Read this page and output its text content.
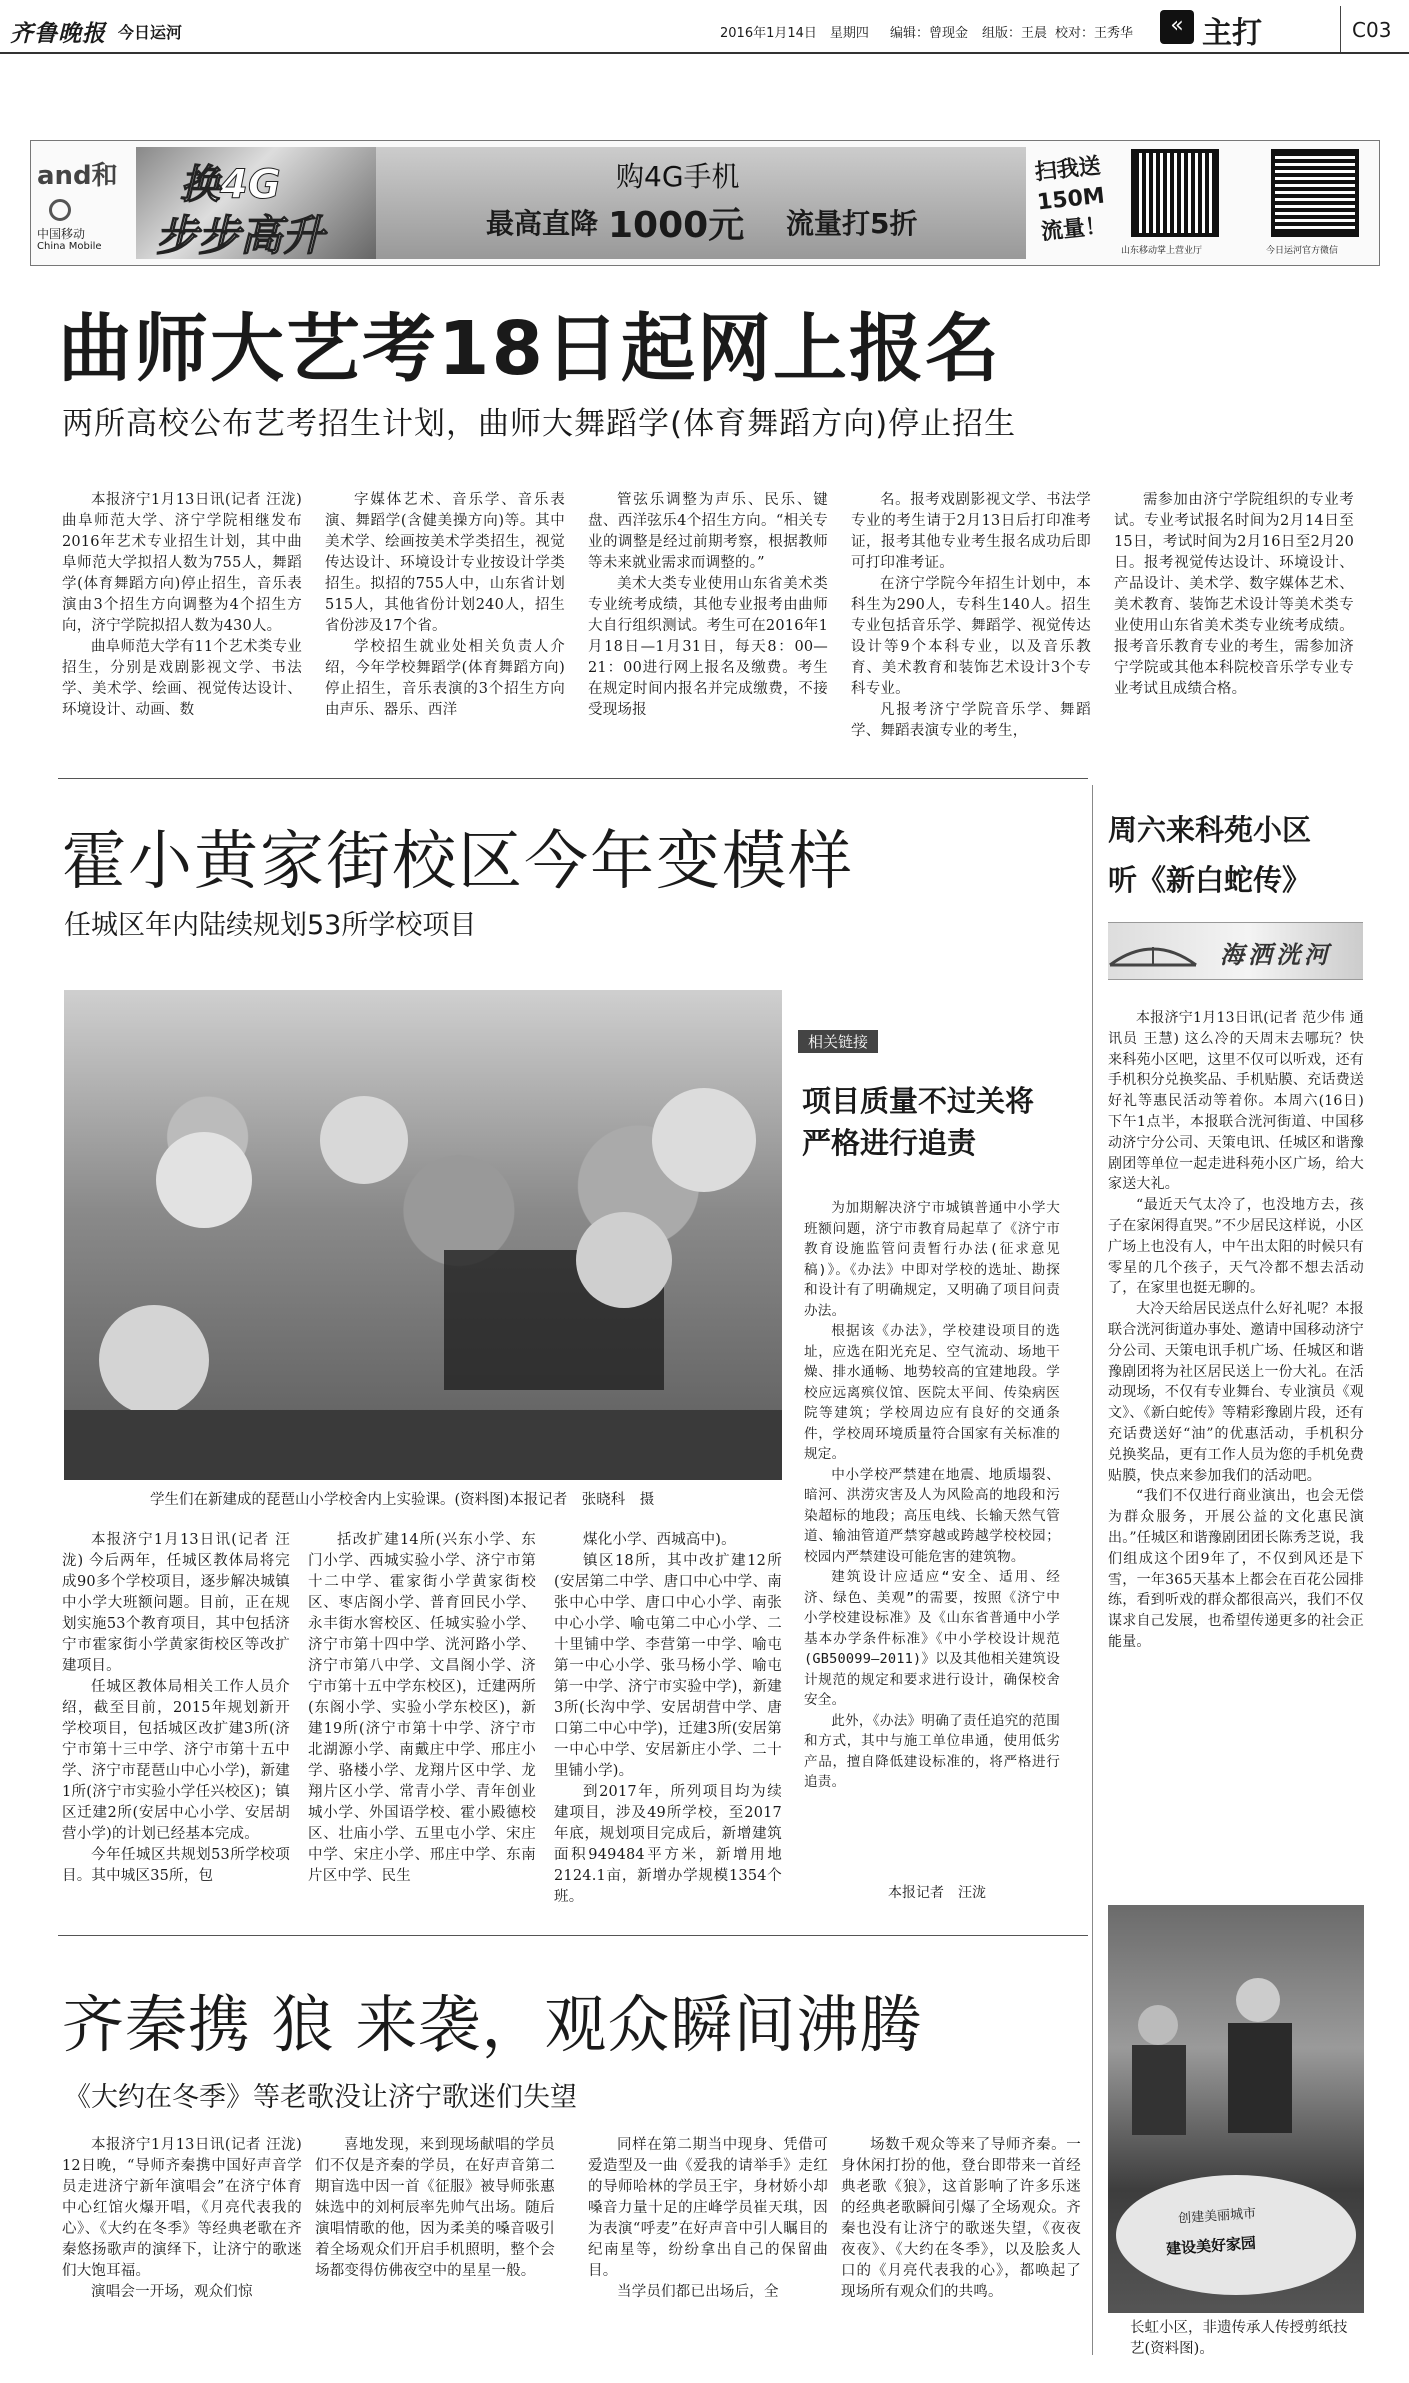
齐鲁晚报 今日运河	2016年1月14日　星期四 编辑：曾现金 组版：王晨 校对：王秀华	« 主打	C03
and和
中国移动
China Mobile
换4G
步步高升
购4G手机
最高直降 1000元 流量打5折
扫我送150M流量！
山东移动掌上营业厅	今日运河官方微信
曲师大艺考18日起网上报名
两所高校公布艺考招生计划，曲师大舞蹈学(体育舞蹈方向)停止招生

本报济宁1月13日讯(记者 汪泷) 曲阜师范大学、济宁学院相继发布2016年艺术专业招生计划，其中曲阜师范大学拟招人数为755人，舞蹈学(体育舞蹈方向)停止招生，音乐表演由3个招生方向调整为4个招生方向，济宁学院拟招人数为430人。

曲阜师范大学有11个艺术类专业招生，分别是戏剧影视文学、书法学、美术学、绘画、视觉传达设计、环境设计、动画、数

字媒体艺术、音乐学、音乐表演、舞蹈学(含健美操方向)等。其中美术学、绘画按美术学类招生，视觉传达设计、环境设计专业按设计学类招生。拟招的755人中，山东省计划515人，其他省份计划240人，招生省份涉及17个省。

学校招生就业处相关负责人介绍，今年学校舞蹈学(体育舞蹈方向)停止招生，音乐表演的3个招生方向由声乐、器乐、西洋

管弦乐调整为声乐、民乐、键盘、西洋弦乐4个招生方向。“相关专业的调整是经过前期考察，根据教师等未来就业需求而调整的。”

美术大类专业使用山东省美术类专业统考成绩，其他专业报考由曲师大自行组织测试。考生可在2016年1月18日—1月31日，每天8：00—21：00进行网上报名及缴费。考生在规定时间内报名并完成缴费，不接受现场报

名。报考戏剧影视文学、书法学专业的考生请于2月13日后打印准考证，报考其他专业考生报名成功后即可打印准考证。

在济宁学院今年招生计划中，本科生为290人，专科生140人。招生专业包括音乐学、舞蹈学、视觉传达设计等9个本科专业，以及音乐教育、美术教育和装饰艺术设计3个专科专业。

凡报考济宁学院音乐学、舞蹈学、舞蹈表演专业的考生，

需参加由济宁学院组织的专业考试。专业考试报名时间为2月14日至15日，考试时间为2月16日至2月20日。报考视觉传达设计、环境设计、产品设计、美术学、数字媒体艺术、美术教育、装饰艺术设计等美术类专业使用山东省美术类专业统考成绩。报考音乐教育专业的考生，需参加济宁学院或其他本科院校音乐学专业专业考试且成绩合格。

霍小黄家街校区今年变模样
任城区年内陆续规划53所学校项目
学生们在新建成的琵琶山小学校舍内上实验课。(资料图)本报记者　张晓科　摄

本报济宁1月13日讯(记者 汪泷) 今后两年，任城区教体局将完成90多个学校项目，逐步解决城镇中小学大班额问题。目前，正在规划实施53个教育项目，其中包括济宁市霍家街小学黄家街校区等改扩建项目。

任城区教体局相关工作人员介绍，截至目前，2015年规划新开学校项目，包括城区改扩建3所(济宁市第十三中学、济宁市第十五中学、济宁市琵琶山中心小学)，新建1所(济宁市实验小学任兴校区)；镇区迁建2所(安居中心小学、安居胡营小学)的计划已经基本完成。

今年任城区共规划53所学校项目。其中城区35所，包

括改扩建14所(兴东小学、东门小学、西城实验小学、济宁市第十二中学、霍家街小学黄家街校区、枣店阁小学、普育回民小学、永丰街水窖校区、任城实验小学、济宁市第十四中学、洸河路小学、济宁市第八中学、文昌阁小学、济宁市第十五中学东校区)，迁建两所(东阁小学、实验小学东校区)，新建19所(济宁市第十中学、济宁市北湖源小学、南戴庄中学、邢庄小学、骆楼小学、龙翔片区中学、龙翔片区小学、常青小学、青年创业城小学、外国语学校、霍小殿德校区、壮庙小学、五里屯小学、宋庄中学、宋庄小学、邢庄中学、东南片区中学、民生

煤化小学、西城高中)。

镇区18所，其中改扩建12所(安居第二中学、唐口中心中学、南张中心中学、唐口中心小学、南张中心小学、喻屯第二中心小学、二十里铺中学、李营第一中学、喻屯第一中心小学、张马杨小学、喻屯第一中学、济宁市实验中学)，新建3所(长沟中学、安居胡营中学、唐口第二中心中学)，迁建3所(安居第一中心中学、安居新庄小学、二十里铺小学)。

到2017年，所列项目均为续建项目，涉及49所学校，至2017年底，规划项目完成后，新增建筑面积949484平方米，新增用地2124.1亩，新增办学规模1354个班。

相关链接
项目质量不过关将严格进行追责

为加期解决济宁市城镇普通中小学大班额问题，济宁市教育局起草了《济宁市教育设施监管问责暂行办法(征求意见稿)》。《办法》中即对学校的选址、勘探和设计有了明确规定，又明确了项目问责办法。

根据该《办法》，学校建设项目的选址，应选在阳光充足、空气流动、场地干燥、排水通畅、地势较高的宜建地段。学校应远离殡仪馆、医院太平间、传染病医院等建筑；学校周边应有良好的交通条件，学校周环境质量符合国家有关标准的规定。

中小学校严禁建在地震、地质塌裂、暗河、洪涝灾害及人为风险高的地段和污染超标的地段；高压电线、长输天然气管道、输油管道严禁穿越或跨越学校校园；校园内严禁建设可能危害的建筑物。

建筑设计应适应“安全、适用、经济、绿色、美观”的需要，按照《济宁中小学校建设标准》及《山东省普通中小学基本办学条件标准》《中小学校设计规范(GB50099—2011)》以及其他相关建筑设计规范的规定和要求进行设计，确保校舍安全。

此外，《办法》明确了责任追究的范围和方式，其中与施工单位串通，使用低劣产品，擅自降低建设标准的，将严格进行追责。

本报记者　汪泷
周六来科苑小区
听《新白蛇传》
海洒洸河

本报济宁1月13日讯(记者 范少伟 通讯员 王慧) 这么冷的天周末去哪玩？快来科苑小区吧，这里不仅可以听戏，还有手机积分兑换奖品、手机贴膜、充话费送好礼等惠民活动等着你。本周六(16日)下午1点半，本报联合洸河街道、中国移动济宁分公司、天策电讯、任城区和谐豫剧团等单位一起走进科苑小区广场，给大家送大礼。

“最近天气太冷了，也没地方去，孩子在家闲得直哭。”不少居民这样说，小区广场上也没有人，中午出太阳的时候只有零星的几个孩子，天气冷都不想去活动了，在家里也挺无聊的。

大冷天给居民送点什么好礼呢？本报联合洸河街道办事处、邀请中国移动济宁分公司、天策电讯手机广场、任城区和谐豫剧团将为社区居民送上一份大礼。在活动现场，不仅有专业舞台、专业演员《观文》、《新白蛇传》等精彩豫剧片段，还有充话费送好“油”的优惠活动，手机积分兑换奖品，更有工作人员为您的手机免费贴膜，快点来参加我们的活动吧。

“我们不仅进行商业演出，也会无偿为群众服务，开展公益的文化惠民演出。”任城区和谐豫剧团团长陈秀芝说，我们组成这个团9年了，不仅到风还是下雪，一年365天基本上都会在百花公园排练，看到听戏的群众都很高兴，我们不仅谋求自己发展，也希望传递更多的社会正能量。

创建美丽城市
建设美好家园
长虹小区，非遗传承人传授剪纸技艺(资料图)。
齐秦携 狼 来袭，观众瞬间沸腾
《大约在冬季》等老歌没让济宁歌迷们失望

本报济宁1月13日讯(记者 汪泷) 12日晚，“导师齐秦携中国好声音学员走进济宁新年演唱会”在济宁体育中心红馆火爆开唱，《月亮代表我的心》、《大约在冬季》等经典老歌在齐秦悠扬歌声的演绎下，让济宁的歌迷们大饱耳福。

演唱会一开场，观众们惊

喜地发现，来到现场献唱的学员们不仅是齐秦的学员，在好声音第二期盲选中因一首《征服》被导师张惠妹选中的刘柯辰率先帅气出场。随后演唱情歌的他，因为柔美的嗓音吸引着全场观众们开启手机照明，整个会场都变得仿佛夜空中的星星一般。

同样在第二期当中现身、凭借可爱造型及一曲《爱我的请举手》走红的导师哈林的学员王宇，身材娇小却嗓音力量十足的庄峰学员崔天琪，因为表演“呼麦”在好声音中引人瞩目的纪南星等，纷纷拿出自己的保留曲目。

当学员们都已出场后，全

场数千观众等来了导师齐秦。一身休闲打扮的他，登台即带来一首经典老歌《狼》，这首影响了许多乐迷的经典老歌瞬间引爆了全场观众。齐秦也没有让济宁的歌迷失望，《夜夜夜夜》、《大约在冬季》，以及脍炙人口的《月亮代表我的心》，都唤起了现场所有观众们的共鸣。
